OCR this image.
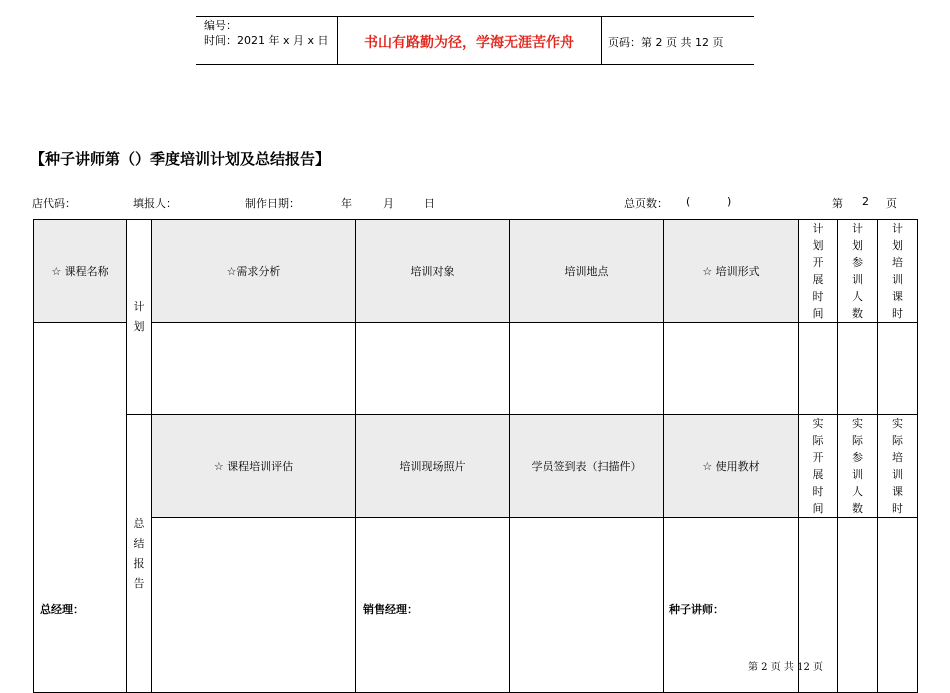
编号：
时间：2021 年 x 月 x 日	书山有路勤为径，学海无涯苦作舟	页码：第 2 页 共 12 页
【种子讲师第（）季度培训计划及总结报告】
店代码：	填报人：	制作日期：	年	月	日	总页数： (	)	第 2 页
☆ 课程名称	计划	☆需求分析	培训对象	培训地点	☆ 培训形式	计划开展时间	计划参训人数	计划培训课时

	总结报告	☆ 课程培训评估	培训现场照片	学员签到表（扫描件）	☆ 使用教材	实际开展时间	实际参训人数	实际培训课时

总经理：	销售经理：	种子讲师：
第 2 页 共 12 页
